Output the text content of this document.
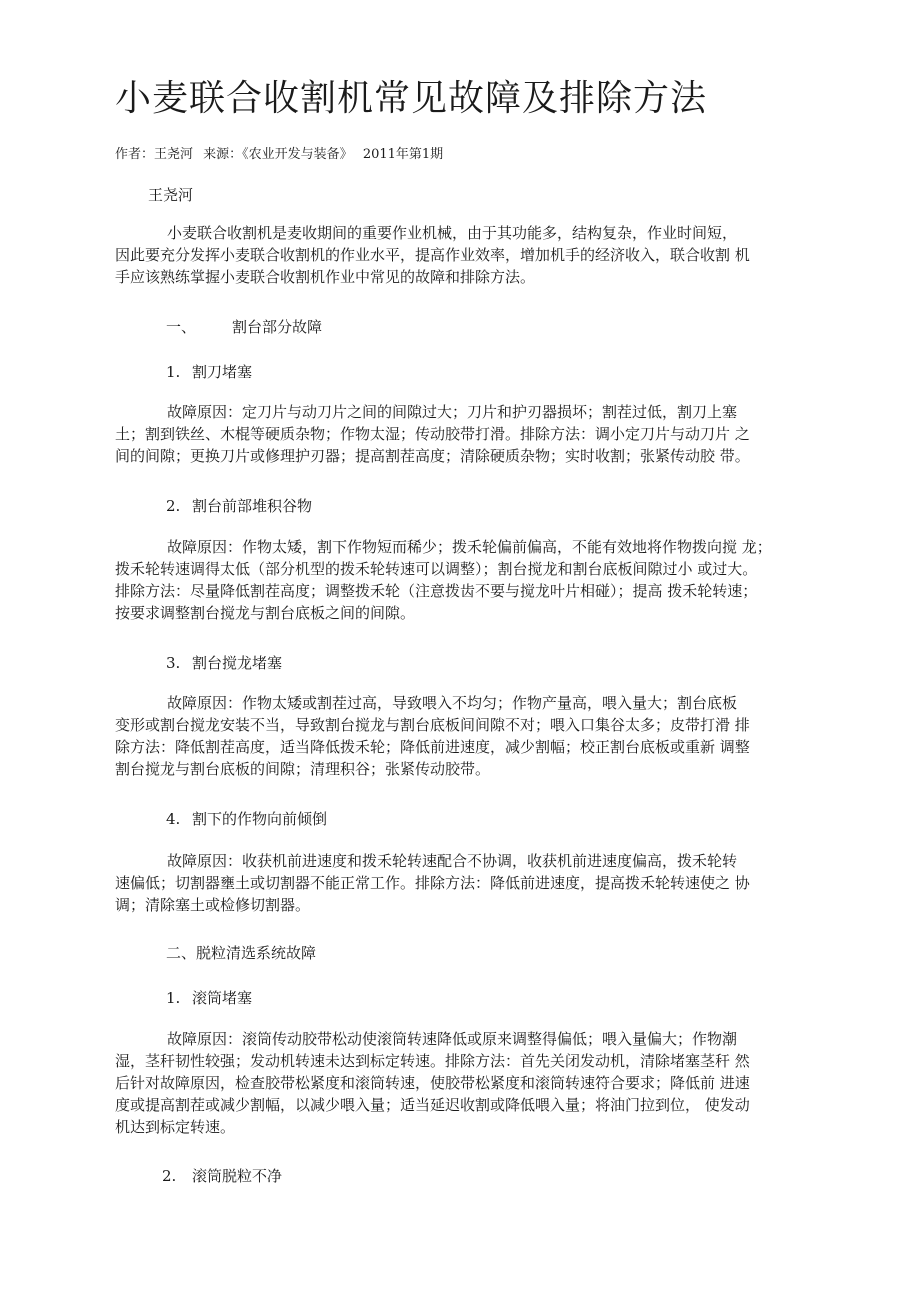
小麦联合收割机常见故障及排除方法
作者：王尧河 来源：《农业开发与装备》 2011年第1期
王尧河

小麦联合收割机是麦收期间的重要作业机械，由于其功能多，结构复杂，作业时间短，
因此要充分发挥小麦联合收割机的作业水平，提高作业效率，增加机手的经济收入，联合收割 机
手应该熟练掌握小麦联合收割机作业中常见的故障和排除方法。

一、 割台部分故障
1. 割刀堵塞

故障原因：定刀片与动刀片之间的间隙过大；刀片和护刃器损坏；割茬过低，割刀上塞
土；割到铁丝、木棍等硬质杂物；作物太湿；传动胶带打滑。排除方法：调小定刀片与动刀片 之
间的间隙；更换刀片或修理护刃器；提高割茬高度；清除硬质杂物；实时收割；张紧传动胶 带。

2. 割台前部堆积谷物

故障原因：作物太矮，割下作物短而稀少；拨禾轮偏前偏高，不能有效地将作物拨向搅 龙；
拨禾轮转速调得太低（部分机型的拨禾轮转速可以调整）；割台搅龙和割台底板间隙过小 或过大。
排除方法：尽量降低割茬高度；调整拨禾轮（注意拨齿不要与搅龙叶片相碰）；提高 拨禾轮转速；
按要求调整割台搅龙与割台底板之间的间隙。

3. 割台搅龙堵塞

故障原因：作物太矮或割茬过高，导致喂入不均匀；作物产量高，喂入量大；割台底板
变形或割台搅龙安装不当，导致割台搅龙与割台底板间间隙不对；喂入口集谷太多；皮带打滑 排
除方法：降低割茬高度，适当降低拨禾轮；降低前进速度，减少割幅；校正割台底板或重新 调整
割台搅龙与割台底板的间隙；清理积谷；张紧传动胶带。

4. 割下的作物向前倾倒

故障原因：收获机前进速度和拨禾轮转速配合不协调，收获机前进速度偏高，拨禾轮转
速偏低；切割器壅土或切割器不能正常工作。排除方法：降低前进速度，提高拨禾轮转速使之 协
调；清除塞土或检修切割器。

二、脱粒清选系统故障
1. 滚筒堵塞

故障原因：滚筒传动胶带松动使滚筒转速降低或原来调整得偏低；喂入量偏大；作物潮
湿，茎秆韧性较强；发动机转速未达到标定转速。排除方法：首先关闭发动机，清除堵塞茎秆 然
后针对故障原因，检查胶带松紧度和滚筒转速，使胶带松紧度和滚筒转速符合要求；降低前 进速
度或提高割茬或减少割幅，以减少喂入量；适当延迟收割或降低喂入量；将油门拉到位， 使发动
机达到标定转速。

2. 滚筒脱粒不净
